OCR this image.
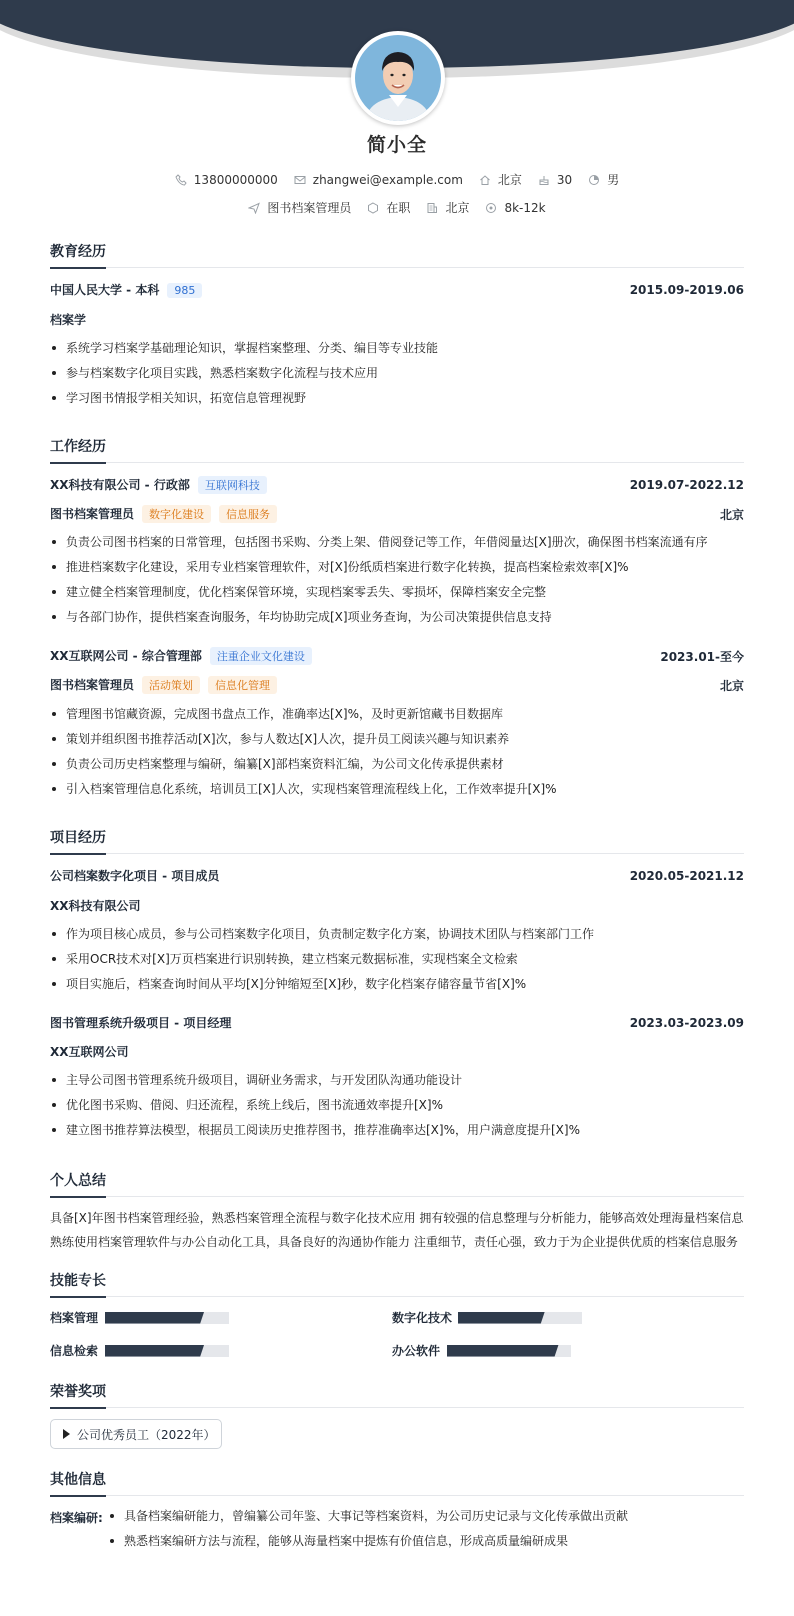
简小全
13800000000	zhangwei@example.com	北京	30	男
图书档案管理员	在职	北京	8k-12k
教育经历
中国人民大学 - 本科 985	2015.09-2019.06
档案学
系统学习档案学基础理论知识，掌握档案整理、分类、编目等专业技能
参与档案数字化项目实践，熟悉档案数字化流程与技术应用
学习图书情报学相关知识，拓宽信息管理视野
工作经历
XX科技有限公司 - 行政部 互联网科技	2019.07-2022.12
图书档案管理员 数字化建设 信息服务	北京
负责公司图书档案的日常管理，包括图书采购、分类上架、借阅登记等工作，年借阅量达[X]册次，确保图书档案流通有序
推进档案数字化建设，采用专业档案管理软件，对[X]份纸质档案进行数字化转换，提高档案检索效率[X]%
建立健全档案管理制度，优化档案保管环境，实现档案零丢失、零损坏，保障档案安全完整
与各部门协作，提供档案查询服务，年均协助完成[X]项业务查询，为公司决策提供信息支持
XX互联网公司 - 综合管理部 注重企业文化建设	2023.01-至今
图书档案管理员 活动策划 信息化管理	北京
管理图书馆藏资源，完成图书盘点工作，准确率达[X]%，及时更新馆藏书目数据库
策划并组织图书推荐活动[X]次，参与人数达[X]人次，提升员工阅读兴趣与知识素养
负责公司历史档案整理与编研，编纂[X]部档案资料汇编，为公司文化传承提供素材
引入档案管理信息化系统，培训员工[X]人次，实现档案管理流程线上化，工作效率提升[X]%
项目经历
公司档案数字化项目 - 项目成员	2020.05-2021.12
XX科技有限公司
作为项目核心成员，参与公司档案数字化项目，负责制定数字化方案，协调技术团队与档案部门工作
采用OCR技术对[X]万页档案进行识别转换，建立档案元数据标准，实现档案全文检索
项目实施后，档案查询时间从平均[X]分钟缩短至[X]秒，数字化档案存储容量节省[X]%
图书管理系统升级项目 - 项目经理	2023.03-2023.09
XX互联网公司
主导公司图书管理系统升级项目，调研业务需求，与开发团队沟通功能设计
优化图书采购、借阅、归还流程，系统上线后，图书流通效率提升[X]%
建立图书推荐算法模型，根据员工阅读历史推荐图书，推荐准确率达[X]%，用户满意度提升[X]%
个人总结
具备[X]年图书档案管理经验，熟悉档案管理全流程与数字化技术应用 拥有较强的信息整理与分析能力，能够高效处理海量档案信息
熟练使用档案管理软件与办公自动化工具，具备良好的沟通协作能力 注重细节，责任心强，致力于为企业提供优质的档案信息服务
技能专长
档案管理	数字化技术
信息检索	办公软件
荣誉奖项
公司优秀员工（2022年）
其他信息
档案编研:	具备档案编研能力，曾编纂公司年鉴、大事记等档案资料，为公司历史记录与文化传承做出贡献
熟悉档案编研方法与流程，能够从海量档案中提炼有价值信息，形成高质量编研成果
